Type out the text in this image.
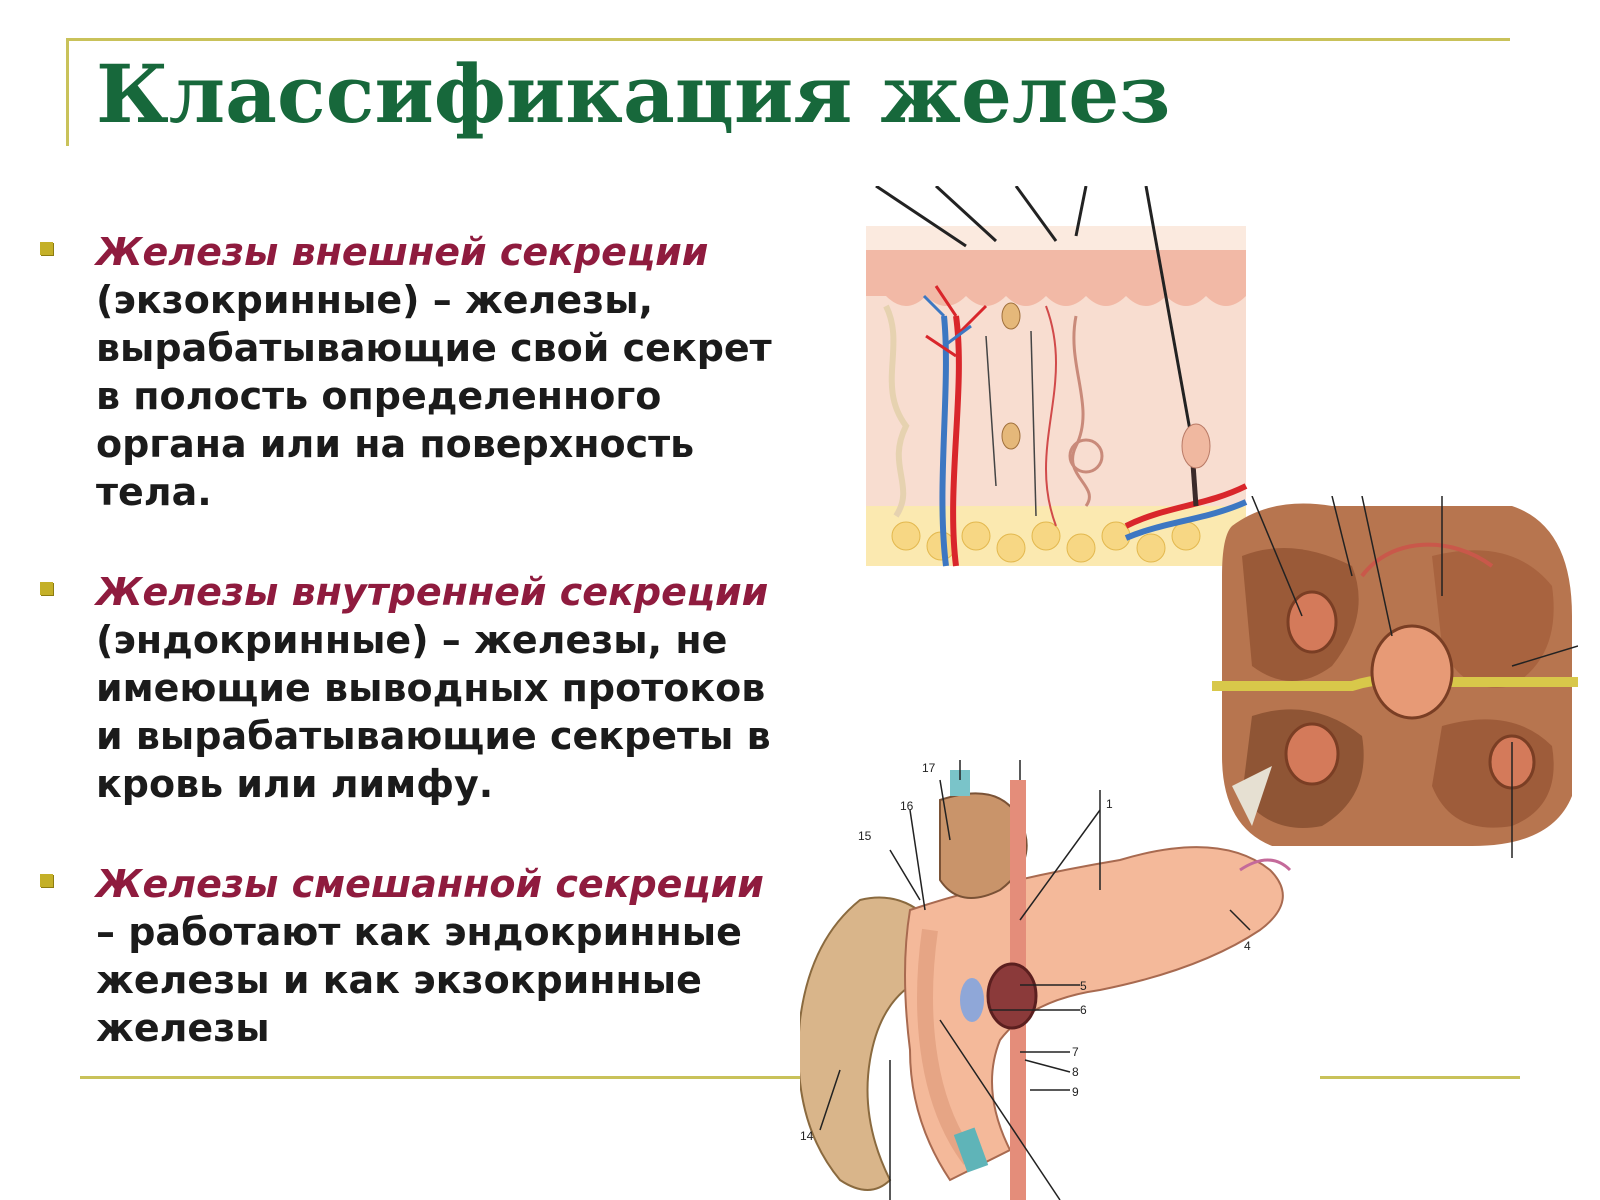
Классификация желез
Железы внешней секреции (экзокринные) – железы, вырабатывающие свой секрет в полость определенного органа или на поверхность тела.
Железы внутренней секреции (эндокринные) – железы, не имеющие выводных протоков и вырабатывающие секреты в кровь или лимфу.
Железы смешанной секреции – работают как эндокринные железы и как экзокринные железы
1
4
5
6
7
8
9
14
15
16
17
